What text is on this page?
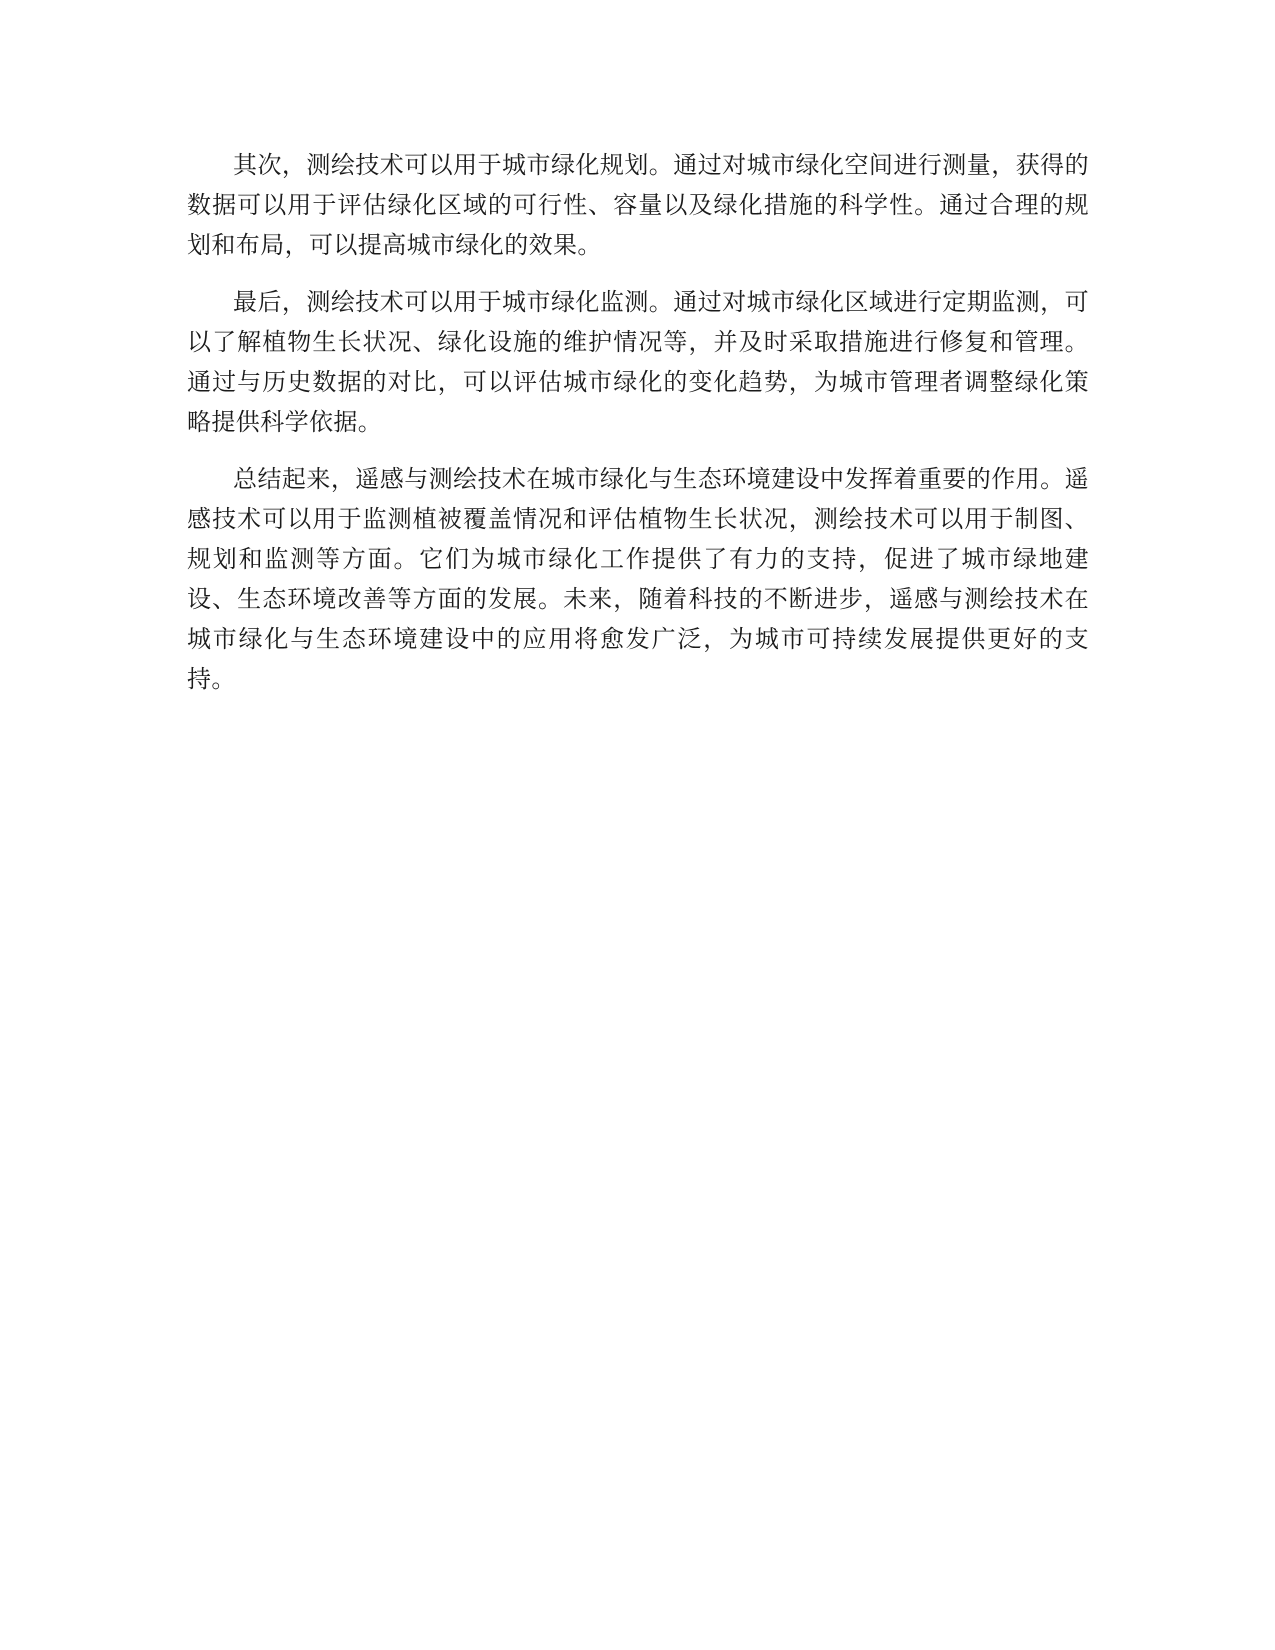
其次，测绘技术可以用于城市绿化规划。通过对城市绿化空间进行测量，获得的数据可以用于评估绿化区域的可行性、容量以及绿化措施的科学性。通过合理的规划和布局，可以提高城市绿化的效果。

最后，测绘技术可以用于城市绿化监测。通过对城市绿化区域进行定期监测，可以了解植物生长状况、绿化设施的维护情况等，并及时采取措施进行修复和管理。通过与历史数据的对比，可以评估城市绿化的变化趋势，为城市管理者调整绿化策略提供科学依据。

总结起来，遥感与测绘技术在城市绿化与生态环境建设中发挥着重要的作用。遥感技术可以用于监测植被覆盖情况和评估植物生长状况，测绘技术可以用于制图、规划和监测等方面。它们为城市绿化工作提供了有力的支持，促进了城市绿地建设、生态环境改善等方面的发展。未来，随着科技的不断进步，遥感与测绘技术在城市绿化与生态环境建设中的应用将愈发广泛，为城市可持续发展提供更好的支持。
